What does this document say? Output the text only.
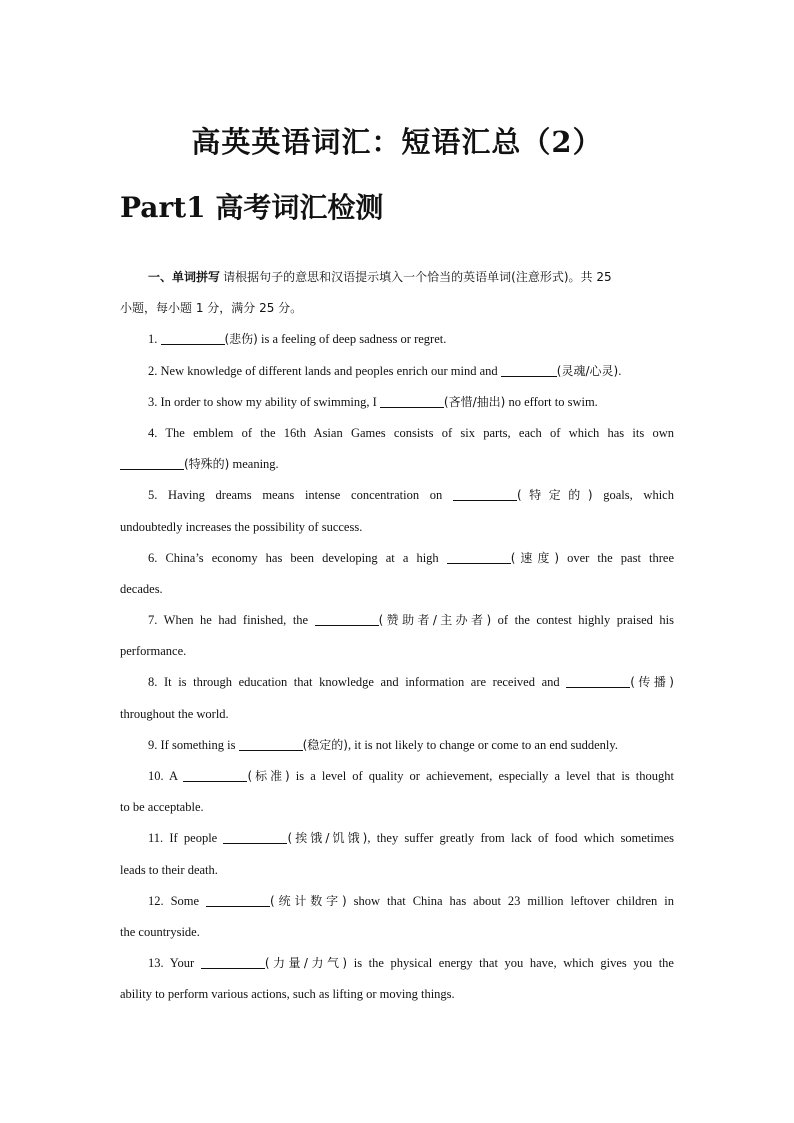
高英英语词汇：短语汇总（2）
Part1 高考词汇检测
一、单词拼写 请根据句子的意思和汉语提示填入一个恰当的英语单词(注意形式)。共 25
小题，每小题 1 分，满分 25 分。
1.	(悲伤) is a feeling of deep sadness or regret.
2. New knowledge of different lands and peoples enrich our mind and	(灵魂/心灵).
3. In order to show my ability of swimming, I	(吝惜/抽出) no effort to swim.
4. The emblem of the 16th Asian Games consists of six parts, each of which has its own
(特殊的) meaning.
5. Having dreams means intense concentration on	(特定的) goals, which
undoubtedly increases the possibility of success.
6. China’s economy has been developing at a high	(速度) over the past three
decades.
7. When he had finished, the	(赞助者/主办者) of the contest highly praised his
performance.
8. It is through education that knowledge and information are received and	(传播)
throughout the world.
9. If something is	(稳定的), it is not likely to change or come to an end suddenly.
10. A	(标准) is a level of quality or achievement, especially a level that is thought
to be acceptable.
11. If people	(挨饿/饥饿), they suffer greatly from lack of food which sometimes
leads to their death.
12. Some	(统计数字) show that China has about 23 million leftover children in
the countryside.
13. Your	(力量/力气) is the physical energy that you have, which gives you the
ability to perform various actions, such as lifting or moving things.
